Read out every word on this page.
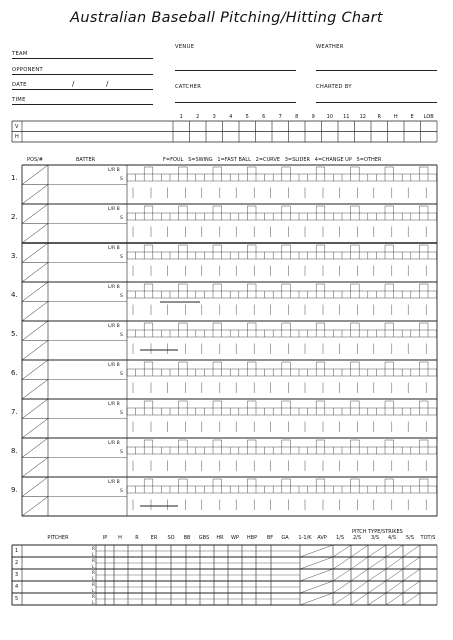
Australian Baseball Pitching/Hitting Chart
TEAM
OPPONENT
DATE	/	/
TIME
VENUE	WEATHER
CATCHER	CHARTED BY
POS/#	BATTER	F=FOUL   S=SWING   1=FAST BALL   2=CURVE   3=SLIDER   4=CHANGE UP   5=OTHER
PITCH TYPE/STRIKES
1	2	3	4	5	6	7	8	9 10 11 12 R	H	E LOB
V
H
1.
L/R B
S
2.
L/R B
S
3.
L/R B
S
4.
L/R B
S
5.
L/R B
S
6.
L/R B
S
7.
L/R B
S
8.
L/R B
S
9.
L/R B
S
PITCHER	IP H	R ER SO BB GBS HR WP HBP BF GA 1-1/K AVP 1/S 2/S 3/S 4/S 5/S TOT/S
1	R
L
2	R
L
3	R
L
4	R
L
5	R
L
